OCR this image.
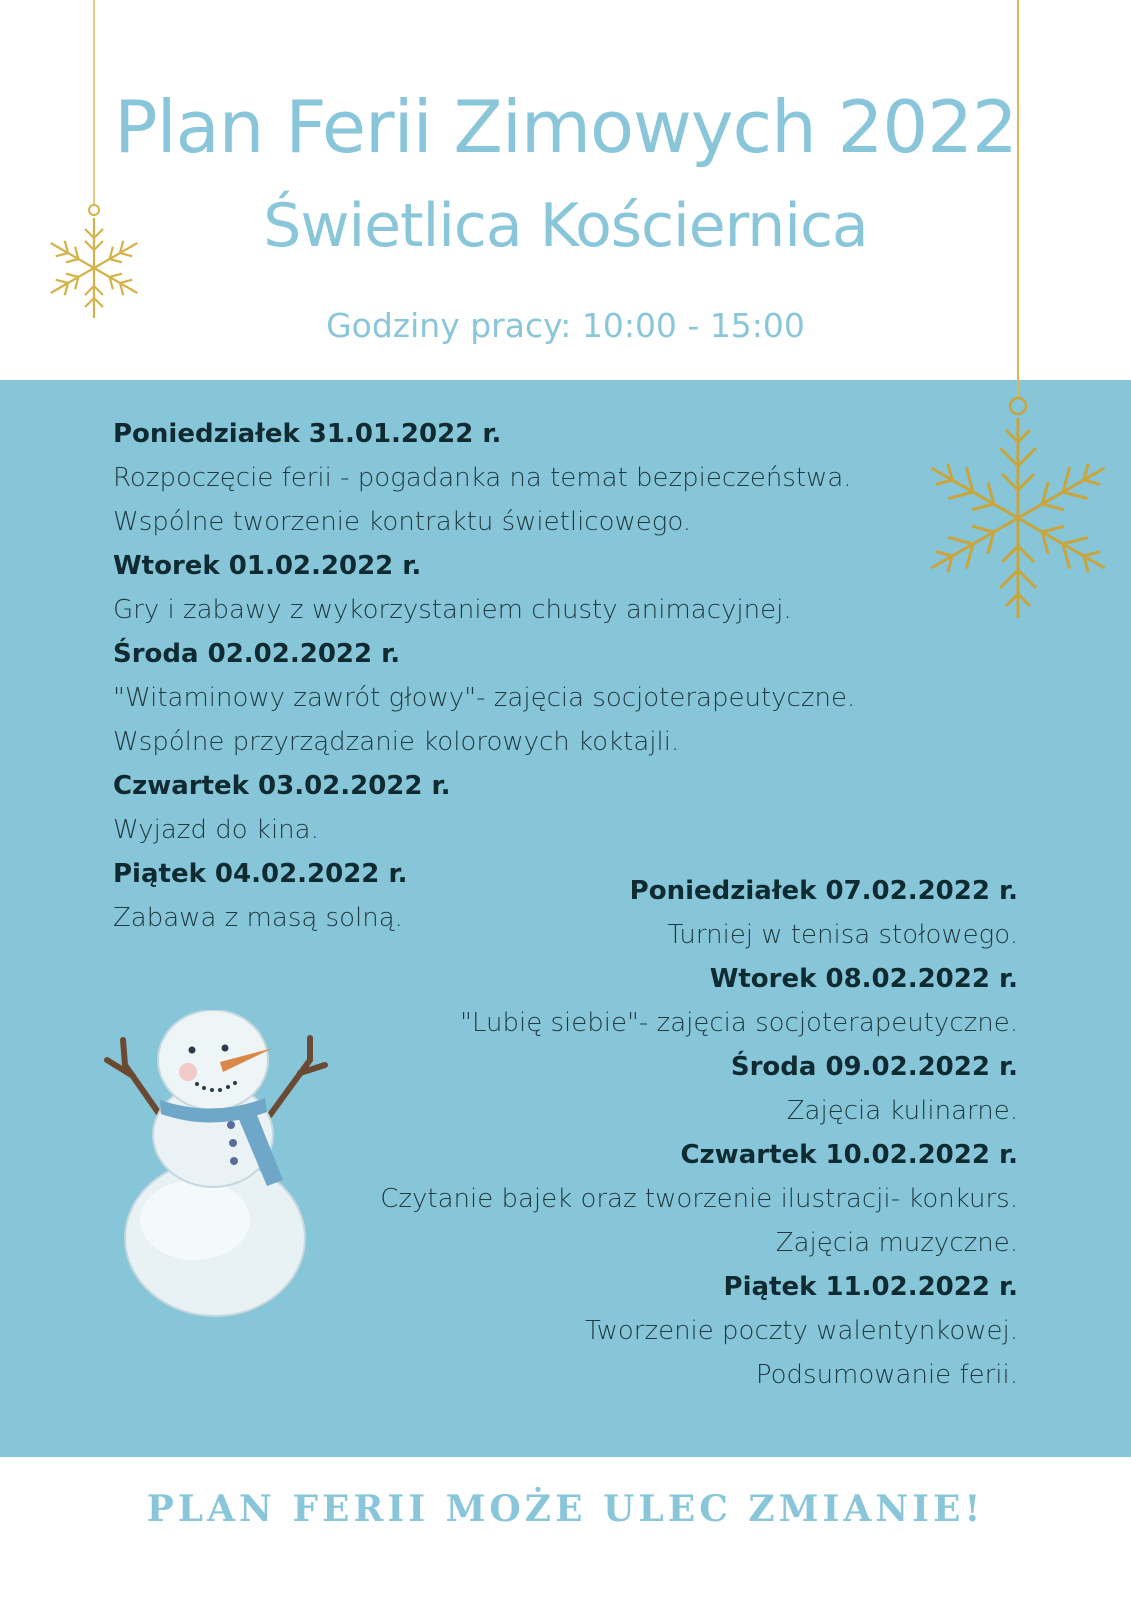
Plan Ferii Zimowych 2022
Świetlica Kościernica
Godziny pracy: 10:00 - 15:00
Poniedziałek 31.01.2022 r.
Rozpoczęcie ferii - pogadanka na temat bezpieczeństwa.
Wspólne tworzenie kontraktu świetlicowego.
Wtorek 01.02.2022 r.
Gry i zabawy z wykorzystaniem chusty animacyjnej.
Środa 02.02.2022 r.
"Witaminowy zawrót głowy"- zajęcia socjoterapeutyczne.
Wspólne przyrządzanie kolorowych koktajli.
Czwartek 03.02.2022 r.
Wyjazd do kina.
Piątek 04.02.2022 r.
Zabawa z masą solną.
Poniedziałek 07.02.2022 r.
Turniej w tenisa stołowego.
Wtorek 08.02.2022 r.
"Lubię siebie"- zajęcia socjoterapeutyczne.
Środa 09.02.2022 r.
Zajęcia kulinarne.
Czwartek 10.02.2022 r.
Czytanie bajek oraz tworzenie ilustracji- konkurs.
Zajęcia muzyczne.
Piątek 11.02.2022 r.
Tworzenie poczty walentynkowej.
Podsumowanie ferii.
PLAN FERII MOŻE ULEC ZMIANIE!
